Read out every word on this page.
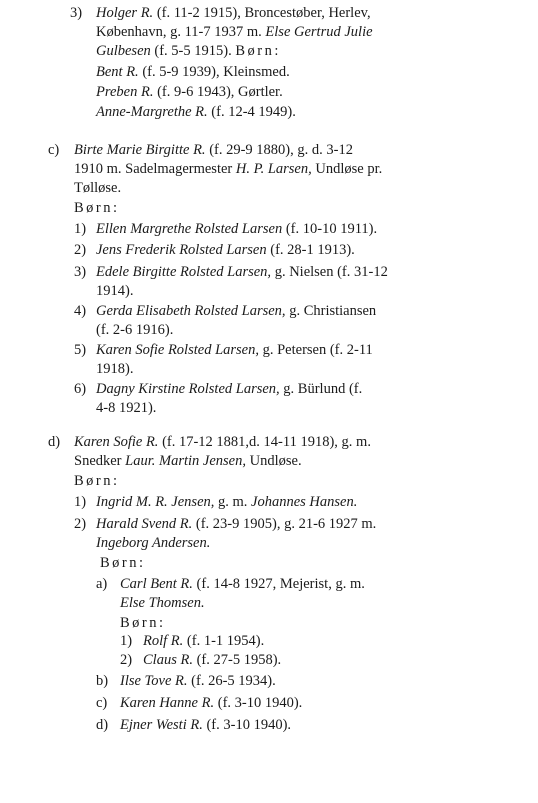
3) Holger R. (f. 11-2 1915), Broncestøber, Herlev,
København, g. 11-7 1937 m. Else Gertrud Julie
Gulbesen (f. 5-5 1915). Børn:
Bent R. (f. 5-9 1939), Kleinsmed.
Preben R. (f. 9-6 1943), Gørtler.
Anne-Margrethe R. (f. 12-4 1949).
c) Birte Marie Birgitte R. (f. 29-9 1880), g. d. 3-12
1910 m. Sadelmagermester H. P. Larsen, Undløse pr.
Tølløse.
Børn:
1) Ellen Margrethe Rolsted Larsen (f. 10-10 1911).
2) Jens Frederik Rolsted Larsen (f. 28-1 1913).
3) Edele Birgitte Rolsted Larsen, g. Nielsen (f. 31-12
1914).
4) Gerda Elisabeth Rolsted Larsen, g. Christiansen
(f. 2-6 1916).
5) Karen Sofie Rolsted Larsen, g. Petersen (f. 2-11
1918).
6) Dagny Kirstine Rolsted Larsen, g. Bürlund (f.
4-8 1921).
d) Karen Sofie R. (f. 17-12 1881,d. 14-11 1918), g. m.
Snedker Laur. Martin Jensen, Undløse.
Børn:
1) Ingrid M. R. Jensen, g. m. Johannes Hansen.
2) Harald Svend R. (f. 23-9 1905), g. 21-6 1927 m.
Ingeborg Andersen.
Børn:
a) Carl Bent R. (f. 14-8 1927, Mejerist, g. m.
Else Thomsen.
Børn:
1) Rolf R. (f. 1-1 1954).
2) Claus R. (f. 27-5 1958).
b) Ilse Tove R. (f. 26-5 1934).
c) Karen Hanne R. (f. 3-10 1940).
d) Ejner Westi R. (f. 3-10 1940).
